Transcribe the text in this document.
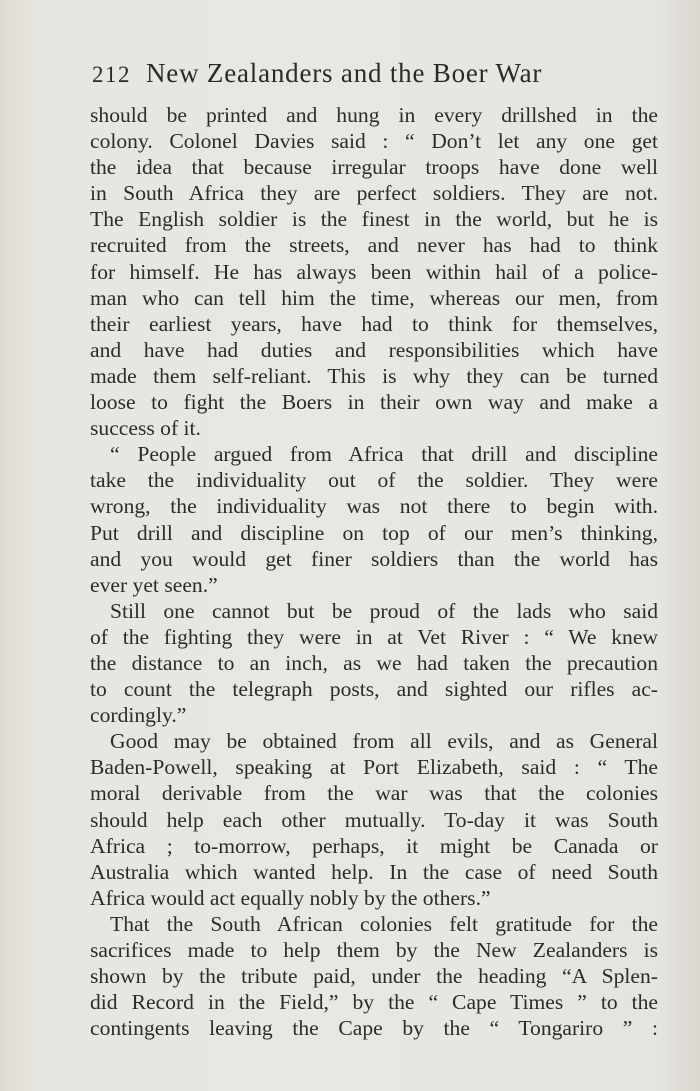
212 New Zealanders and the Boer War
should be printed and hung in every drillshed in the
colony. Colonel Davies said : “ Don’t let any one get
the idea that because irregular troops have done well
in South Africa they are perfect soldiers. They are not.
The English soldier is the finest in the world, but he is
recruited from the streets, and never has had to think
for himself. He has always been within hail of a police-
man who can tell him the time, whereas our men, from
their earliest years, have had to think for themselves,
and have had duties and responsibilities which have
made them self-reliant. This is why they can be turned
loose to fight the Boers in their own way and make a
success of it.
“ People argued from Africa that drill and discipline
take the individuality out of the soldier. They were
wrong, the individuality was not there to begin with.
Put drill and discipline on top of our men’s thinking,
and you would get finer soldiers than the world has
ever yet seen.”
Still one cannot but be proud of the lads who said
of the fighting they were in at Vet River : “ We knew
the distance to an inch, as we had taken the precaution
to count the telegraph posts, and sighted our rifles ac-
cordingly.”
Good may be obtained from all evils, and as General
Baden-Powell, speaking at Port Elizabeth, said : “ The
moral derivable from the war was that the colonies
should help each other mutually. To-day it was South
Africa ; to-morrow, perhaps, it might be Canada or
Australia which wanted help. In the case of need South
Africa would act equally nobly by the others.”
That the South African colonies felt gratitude for the
sacrifices made to help them by the New Zealanders is
shown by the tribute paid, under the heading “A Splen-
did Record in the Field,” by the “ Cape Times ” to the
contingents leaving the Cape by the “ Tongariro ” :
